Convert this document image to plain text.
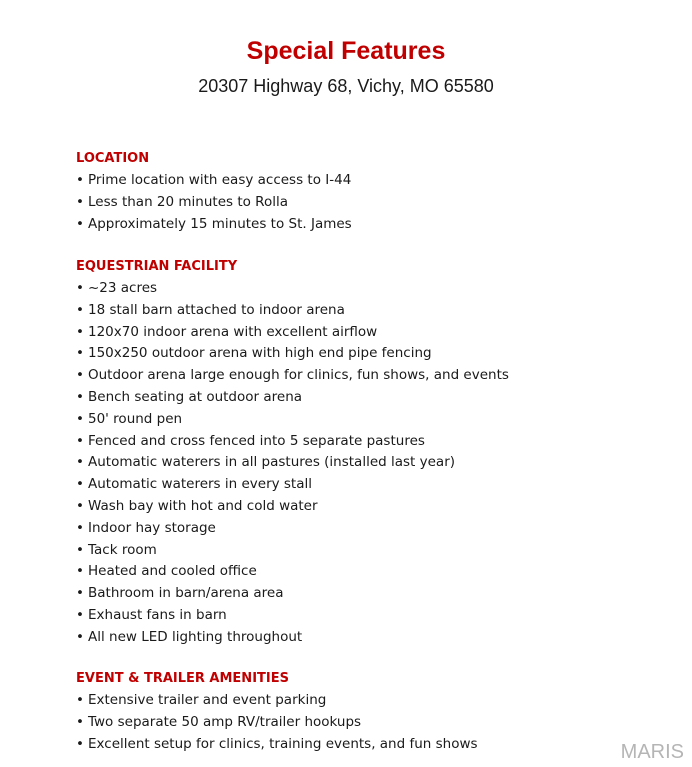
Special Features
20307 Highway 68, Vichy, MO 65580
LOCATION
• Prime location with easy access to I-44
• Less than 20 minutes to Rolla
• Approximately 15 minutes to St. James
EQUESTRIAN FACILITY
• ~23 acres
• 18 stall barn attached to indoor arena
• 120x70 indoor arena with excellent airflow
• 150x250 outdoor arena with high end pipe fencing
• Outdoor arena large enough for clinics, fun shows, and events
• Bench seating at outdoor arena
• 50' round pen
• Fenced and cross fenced into 5 separate pastures
• Automatic waterers in all pastures (installed last year)
• Automatic waterers in every stall
• Wash bay with hot and cold water
• Indoor hay storage
• Tack room
• Heated and cooled office
• Bathroom in barn/arena area
• Exhaust fans in barn
• All new LED lighting throughout
EVENT & TRAILER AMENITIES
• Extensive trailer and event parking
• Two separate 50 amp RV/trailer hookups
• Excellent setup for clinics, training events, and fun shows	MARIS
